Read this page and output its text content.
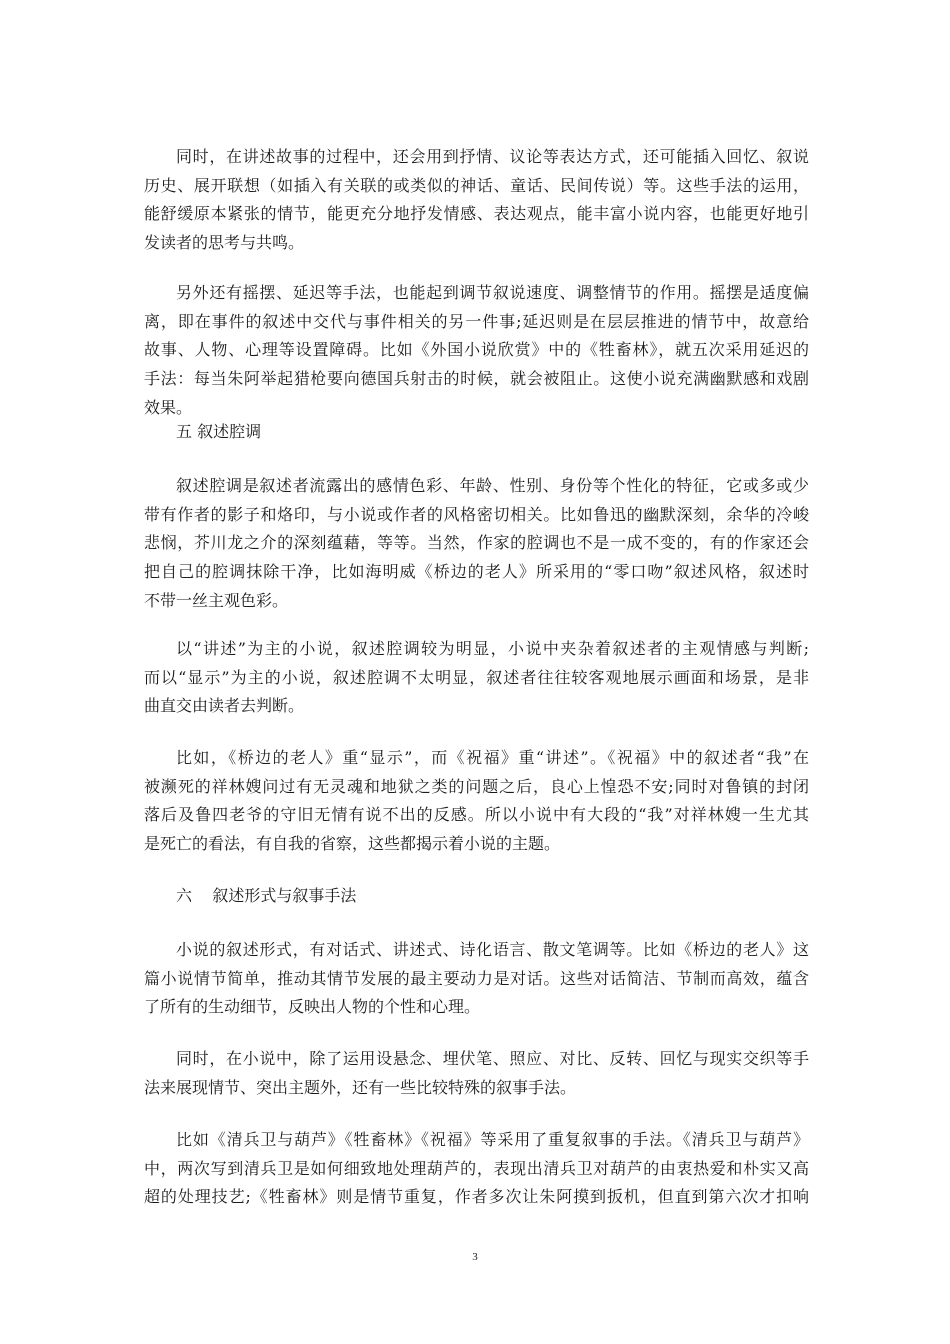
同时，在讲述故事的过程中，还会用到抒情、议论等表达方式，还可能插入回忆、叙说
历史、展开联想（如插入有关联的或类似的神话、童话、民间传说）等。这些手法的运用，
能舒缓原本紧张的情节，能更充分地抒发情感、表达观点，能丰富小说内容，也能更好地引
发读者的思考与共鸣。
另外还有摇摆、延迟等手法，也能起到调节叙说速度、调整情节的作用。摇摆是适度偏
离，即在事件的叙述中交代与事件相关的另一件事;延迟则是在层层推进的情节中，故意给
故事、人物、心理等设置障碍。比如《外国小说欣赏》中的《牲畜林》，就五次采用延迟的
手法：每当朱阿举起猎枪要向德国兵射击的时候，就会被阻止。这使小说充满幽默感和戏剧
效果。
五 叙述腔调
叙述腔调是叙述者流露出的感情色彩、年龄、性别、身份等个性化的特征，它或多或少
带有作者的影子和烙印，与小说或作者的风格密切相关。比如鲁迅的幽默深刻，余华的冷峻
悲悯，芥川龙之介的深刻蕴藉，等等。当然，作家的腔调也不是一成不变的，有的作家还会
把自己的腔调抹除干净，比如海明威《桥边的老人》所采用的“零口吻”叙述风格，叙述时
不带一丝主观色彩。
以“讲述”为主的小说，叙述腔调较为明显，小说中夹杂着叙述者的主观情感与判断;
而以“显示”为主的小说，叙述腔调不太明显，叙述者往往较客观地展示画面和场景，是非
曲直交由读者去判断。
比如，《桥边的老人》重“显示”，而《祝福》重“讲述”。《祝福》中的叙述者“我”在
被濒死的祥林嫂问过有无灵魂和地狱之类的问题之后，良心上惶恐不安;同时对鲁镇的封闭
落后及鲁四老爷的守旧无情有说不出的反感。所以小说中有大段的“我”对祥林嫂一生尤其
是死亡的看法，有自我的省察，这些都揭示着小说的主题。
六    叙述形式与叙事手法
小说的叙述形式，有对话式、讲述式、诗化语言、散文笔调等。比如《桥边的老人》这
篇小说情节简单，推动其情节发展的最主要动力是对话。这些对话简洁、节制而高效，蕴含
了所有的生动细节，反映出人物的个性和心理。
同时，在小说中，除了运用设悬念、埋伏笔、照应、对比、反转、回忆与现实交织等手
法来展现情节、突出主题外，还有一些比较特殊的叙事手法。
比如《清兵卫与葫芦》《牲畜林》《祝福》等采用了重复叙事的手法。《清兵卫与葫芦》
中，两次写到清兵卫是如何细致地处理葫芦的，表现出清兵卫对葫芦的由衷热爱和朴实又高
超的处理技艺;《牲畜林》则是情节重复，作者多次让朱阿摸到扳机，但直到第六次才扣响
3
